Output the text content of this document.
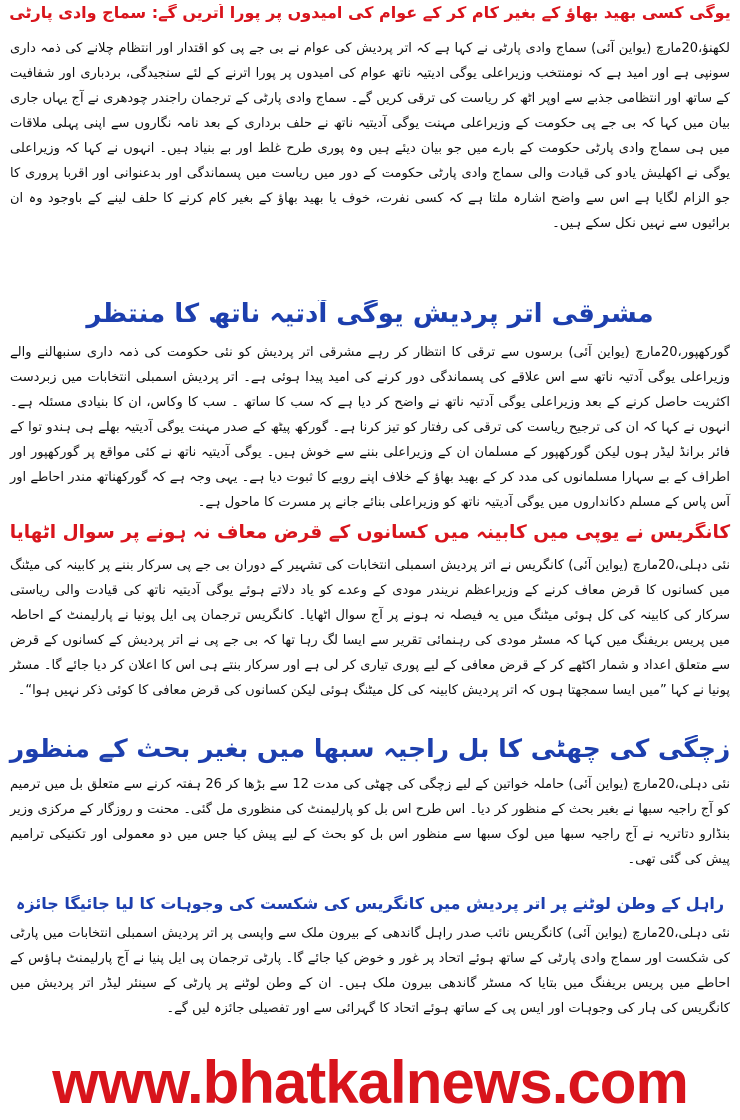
یوگی کسی بھید بھاؤ کے بغیر کام کر کے عوام کی امیدوں پر پورا اُتریں گے: سماج وادی پارٹی

لکھنؤ،20مارچ (یواین آئی) سماج وادی پارٹی نے کہا ہے کہ اتر پردیش کی عوام نے بی جے پی کو اقتدار اور انتظام چلانے کی ذمہ داری سونپی ہے اور امید ہے کہ نومنتخب وزیراعلی یوگی ادیتیہ ناتھ عوام کی امیدوں پر پورا اترنے کے لئے سنجیدگی، بردباری اور شفافیت کے ساتھ اور انتظامی جذبے سے اوپر اٹھ کر ریاست کی ترقی کریں گے۔ سماج وادی پارٹی کے ترجمان راجندر چودھری نے آج یہاں جاری بیان میں کہا کہ بی جے پی حکومت کے وزیراعلی مہنت یوگی آدیتیہ ناتھ نے حلف برداری کے بعد نامہ نگاروں سے اپنی پہلی ملاقات میں ہی سماج وادی پارٹی حکومت کے بارے میں جو بیان دیئے ہیں وہ پوری طرح غلط اور بے بنیاد ہیں۔ انہوں نے کہا کہ وزیراعلی یوگی نے اکھلیش یادو کی قیادت والی سماج وادی پارٹی حکومت کے دور میں ریاست میں پسماندگی اور بدعنوانی اور اقربا پروری کا جو الزام لگایا ہے اس سے واضح اشارہ ملتا ہے کہ کسی نفرت، خوف یا بھید بھاؤ کے بغیر کام کرنے کا حلف لینے کے باوجود وہ ان برائیوں سے نہیں نکل سکے ہیں۔

مشرقی اتر پردیش یوگی آدتیہ ناتھ کا منتظر

گورکھپور،20مارچ (یواین آئی) برسوں سے ترقی کا انتظار کر رہے مشرقی اتر پردیش کو نئی حکومت کی ذمہ داری سنبھالنے والے وزیراعلی یوگی آدتیہ ناتھ سے اس علاقے کی پسماندگی دور کرنے کی امید پیدا ہوئی ہے۔ اتر پردیش اسمبلی انتخابات میں زبردست اکثریت حاصل کرنے کے بعد وزیراعلی یوگی آدتیہ ناتھ نے واضح کر دیا ہے کہ سب کا ساتھ ۔ سب کا وکاس، ان کا بنیادی مسئلہ ہے۔ انہوں نے کہا کہ ان کی ترجیح ریاست کی ترقی کی رفتار کو تیز کرنا ہے۔ گورکھ پیٹھ کے صدر مہنت یوگی آدیتیہ بھلے ہی ہندو توا کے فائر برانڈ لیڈر ہوں لیکن گورکھپور کے مسلمان ان کے وزیراعلی بننے سے خوش ہیں۔ یوگی آدیتیہ ناتھ نے کئی مواقع پر گورکھپور اور اطراف کے بے سہارا مسلمانوں کی مدد کر کے بھید بھاؤ کے خلاف اپنے رویے کا ثبوت دیا ہے۔ یہی وجہ ہے کہ گورکھناتھ مندر احاطے اور آس پاس کے مسلم دکانداروں میں یوگی آدیتیہ ناتھ کو وزیراعلی بنائے جانے پر مسرت کا ماحول ہے۔

کانگریس نے یوپی میں کابینہ میں کسانوں کے قرض معاف نہ ہونے پر سوال اٹھایا

نئی دہلی،20مارچ (یواین آئی) کانگریس نے اتر پردیش اسمبلی انتخابات کی تشہیر کے دوران بی جے پی سرکار بننے پر کابینہ کی میٹنگ میں کسانوں کا قرض معاف کرنے کے وزیراعظم نریندر مودی کے وعدے کو یاد دلاتے ہوئے یوگی آدیتیہ ناتھ کی قیادت والی ریاستی سرکار کی کابینہ کی کل ہوئی میٹنگ میں یہ فیصلہ نہ ہونے پر آج سوال اٹھایا۔ کانگریس ترجمان پی ایل پونیا نے پارلیمنٹ کے احاطہ میں پریس بریفنگ میں کہا کہ مسٹر مودی کی رہنمائی تقریر سے ایسا لگ رہا تھا کہ بی جے پی نے اتر پردیش کے کسانوں کے قرض سے متعلق اعداد و شمار اکٹھے کر کے قرض معافی کے لیے پوری تیاری کر لی ہے اور سرکار بنتے ہی اس کا اعلان کر دیا جائے گا۔ مسٹر پونیا نے کہا ”میں ایسا سمجھتا ہوں کہ اتر پردیش کابینہ کی کل میٹنگ ہوئی لیکن کسانوں کی قرض معافی کا کوئی ذکر نہیں ہوا“۔

زچگی کی چھٹی کا بل راجیہ سبھا میں بغیر بحث کے منظور

نئی دہلی،20مارچ (یواین آئی) حاملہ خواتین کے لیے زچگی کی چھٹی کی مدت 12 سے بڑھا کر 26 ہفتہ کرنے سے متعلق بل میں ترمیم کو آج راجیہ سبھا نے بغیر بحث کے منظور کر دیا۔ اس طرح اس بل کو پارلیمنٹ کی منظوری مل گئی۔ محنت و روزگار کے مرکزی وزیر بنڈارو دتاتریہ نے آج راجیہ سبھا میں لوک سبھا سے منظور اس بل کو بحث کے لیے پیش کیا جس میں دو معمولی اور تکنیکی ترامیم پیش کی گئی تھی۔

راہل کے وطن لوٹنے پر اتر پردیش میں کانگریس کی شکست کی وجوہات کا لیا جائیگا جائزہ

نئی دہلی،20مارچ (یواین آئی) کانگریس نائب صدر راہل گاندھی کے بیرون ملک سے واپسی پر اتر پردیش اسمبلی انتخابات میں پارٹی کی شکست اور سماج وادی پارٹی کے ساتھ ہوئے اتحاد پر غور و خوض کیا جائے گا۔ پارٹی ترجمان پی ایل پنیا نے آج پارلیمنٹ ہاؤس کے احاطے میں پریس بریفنگ میں بتایا کہ مسٹر گاندھی بیرون ملک ہیں۔ ان کے وطن لوٹنے پر پارٹی کے سینئر لیڈر اتر پردیش میں کانگریس کی ہار کی وجوہات اور ایس پی کے ساتھ ہوئے اتحاد کا گہرائی سے اور تفصیلی جائزہ لیں گے۔

www.bhatkalnews.com
